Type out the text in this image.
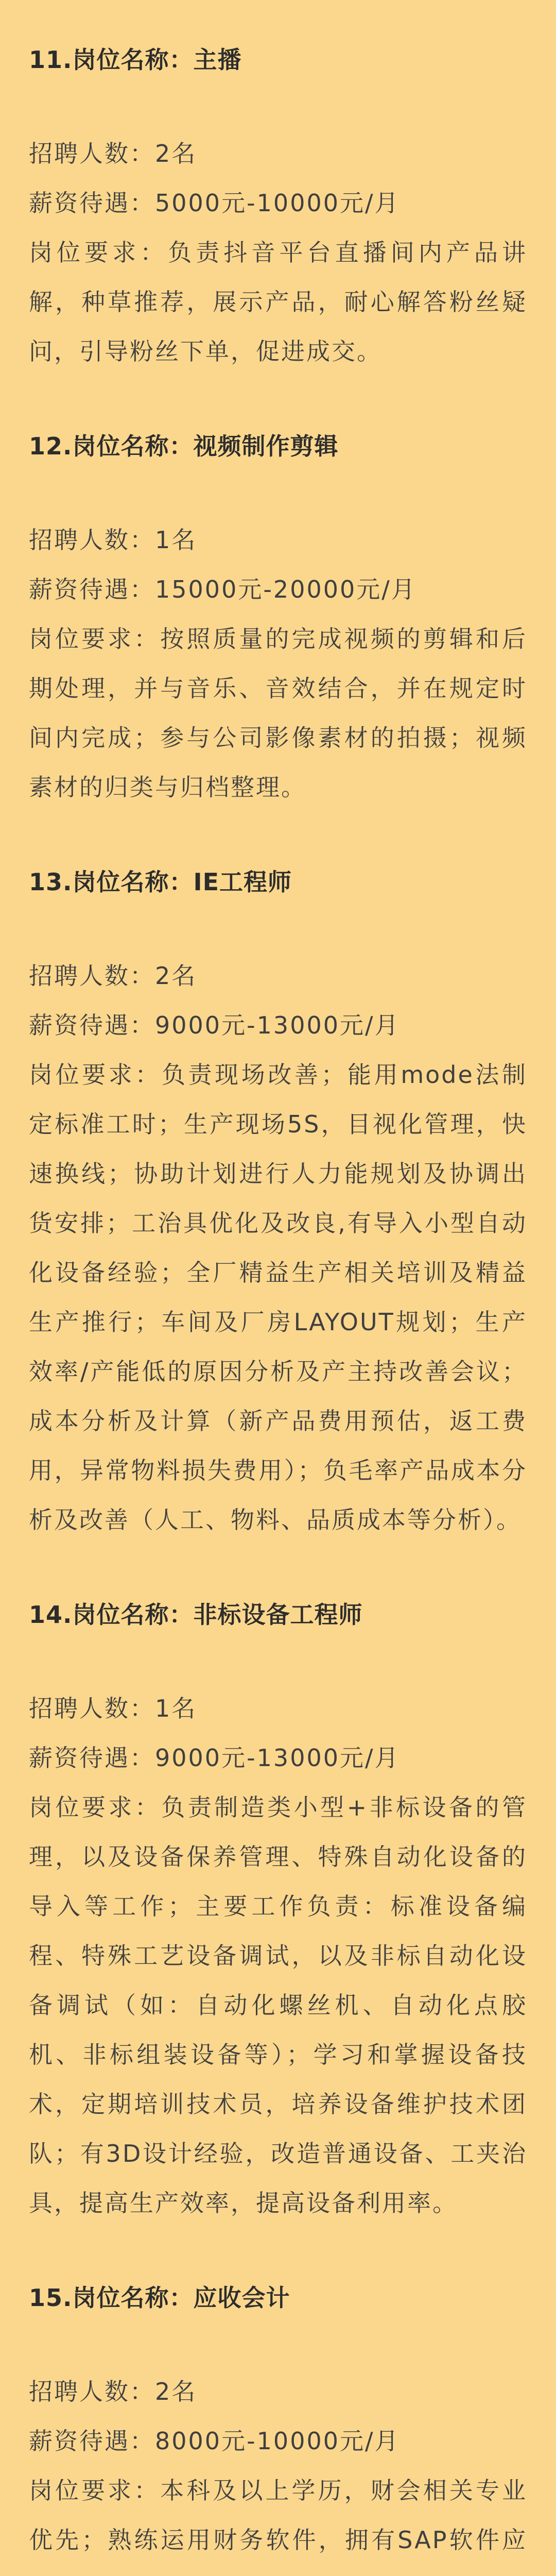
11.岗位名称：主播

招聘人数：2名

薪资待遇：5000元-10000元/月

岗位要求：负责抖音平台直播间内产品讲解，种草推荐，展示产品，耐心解答粉丝疑问，引导粉丝下单，促进成交。

12.岗位名称：视频制作剪辑

招聘人数：1名

薪资待遇：15000元-20000元/月

岗位要求：按照质量的完成视频的剪辑和后期处理，并与音乐、音效结合，并在规定时间内完成；参与公司影像素材的拍摄；视频素材的归类与归档整理。

13.岗位名称：IE工程师

招聘人数：2名

薪资待遇：9000元-13000元/月

岗位要求：负责现场改善；能用mode法制定标准工时；生产现场5S，目视化管理，快速换线；协助计划进行人力能规划及协调出货安排；工治具优化及改良,有导入小型自动化设备经验；全厂精益生产相关培训及精益生产推行；车间及厂房LAYOUT规划；生产效率/产能低的原因分析及产主持改善会议；成本分析及计算（新产品费用预估，返工费用，异常物料损失费用）；负毛率产品成本分析及改善（人工、物料、品质成本等分析）。

14.岗位名称：非标设备工程师

招聘人数：1名

薪资待遇：9000元-13000元/月

岗位要求：负责制造类小型+非标设备的管理，以及设备保养管理、特殊自动化设备的导入等工作；主要工作负责：标准设备编程、特殊工艺设备调试，以及非标自动化设备调试（如：自动化螺丝机、自动化点胶机、非标组装设备等）；学习和掌握设备技术，定期培训技术员，培养设备维护技术团队；有3D设计经验，改造普通设备、工夹治具，提高生产效率，提高设备利用率。

15.岗位名称：应收会计

招聘人数：2名

薪资待遇：8000元-10000元/月

岗位要求：本科及以上学历，财会相关专业优先；熟练运用财务软件，拥有SAP软件应
